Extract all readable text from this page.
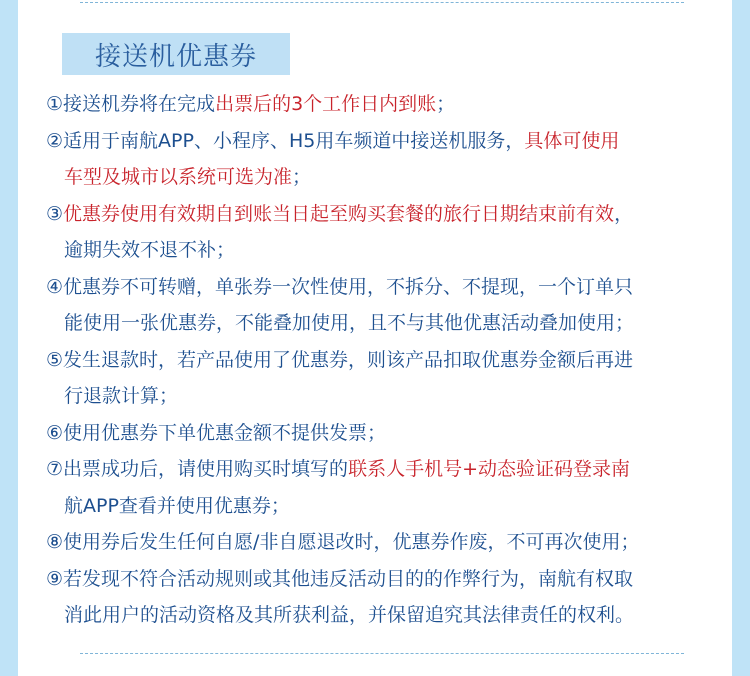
接送机优惠券
①接送机券将在完成出票后的3个工作日内到账；
②适用于南航APP、小程序、H5用车频道中接送机服务，具体可使用
车型及城市以系统可选为准；
③优惠券使用有效期自到账当日起至购买套餐的旅行日期结束前有效，
逾期失效不退不补；
④优惠券不可转赠，单张券一次性使用，不拆分、不提现，一个订单只
能使用一张优惠券，不能叠加使用，且不与其他优惠活动叠加使用；
⑤发生退款时，若产品使用了优惠券，则该产品扣取优惠券金额后再进
行退款计算；
⑥使用优惠券下单优惠金额不提供发票；
⑦出票成功后，请使用购买时填写的联系人手机号+动态验证码登录南
航APP查看并使用优惠券；
⑧使用券后发生任何自愿/非自愿退改时，优惠券作废，不可再次使用；
⑨若发现不符合活动规则或其他违反活动目的的作弊行为，南航有权取
消此用户的活动资格及其所获利益，并保留追究其法律责任的权利。
